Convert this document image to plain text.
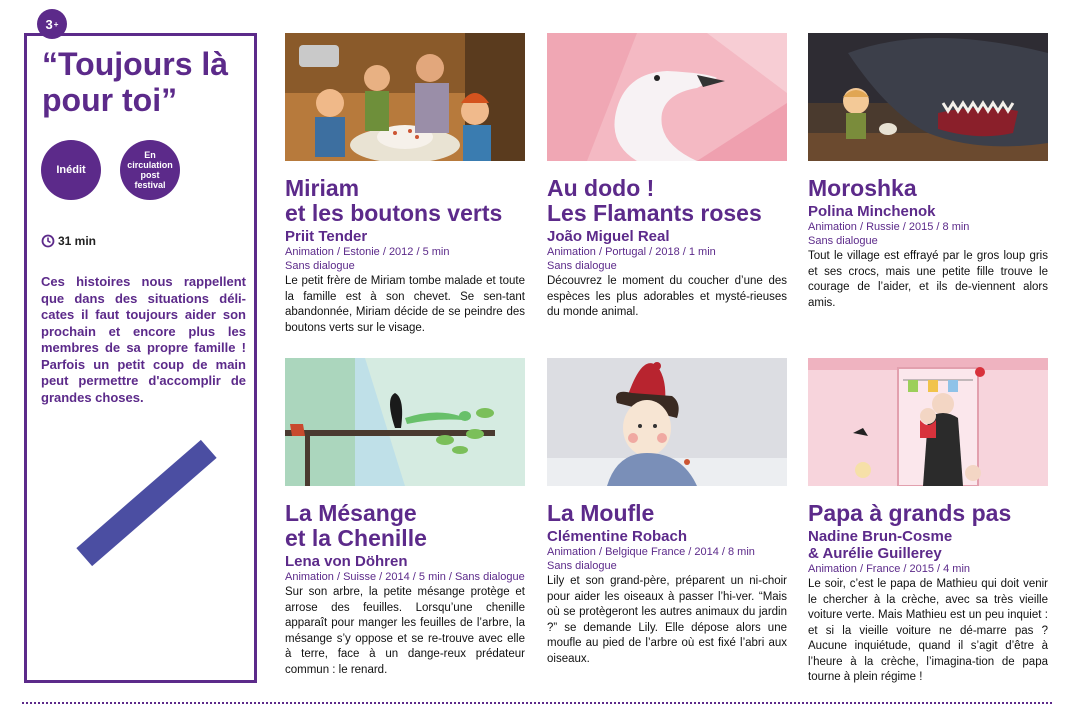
3 +
“Toujours là pour toi”
Inédit
En circulation post festival
31 min
Ces histoires nous rappellent que dans des situations déli-cates il faut toujours aider son prochain et encore plus les membres de sa propre famille ! Parfois un petit coup de main peut permettre d'accomplir de grandes choses.
Miriam
et les boutons verts
Priit Tender
Animation / Estonie / 2012 / 5 min
Sans dialogue
Le petit frère de Miriam tombe malade et toute la famille est à son chevet. Se sen-tant abandonnée, Miriam décide de se peindre des boutons verts sur le visage.
Au dodo !
Les Flamants roses
João Miguel Real
Animation / Portugal / 2018 / 1 min
Sans dialogue
Découvrez le moment du coucher d’une des espèces les plus adorables et mysté-rieuses du monde animal.
Moroshka
Polina Minchenok
Animation / Russie / 2015 / 8 min
Sans dialogue
Tout le village est effrayé par le gros loup gris et ses crocs, mais une petite fille trouve le courage de l’aider, et ils de-viennent alors amis.
La Mésange
et la Chenille
Lena von Döhren
Animation / Suisse / 2014 / 5 min / Sans dialogue
Sur son arbre, la petite mésange protège et arrose des feuilles. Lorsqu’une chenille apparaît pour manger les feuilles de l’arbre, la mésange s’y oppose et se re-trouve avec elle à terre, face à un dange-reux prédateur commun : le renard.
La Moufle
Clémentine Robach
Animation / Belgique France / 2014 / 8 min
Sans dialogue
Lily et son grand-père, préparent un ni-choir pour aider les oiseaux à passer l’hi-ver. “Mais où se protègeront les autres animaux du jardin ?” se demande Lily. Elle dépose alors une moufle au pied de l’arbre où est fixé l’abri aux oiseaux.
Papa à grands pas
Nadine Brun-Cosme
& Aurélie Guillerey
Animation / France / 2015 / 4 min
Le soir, c’est le papa de Mathieu qui doit venir le chercher à la crèche, avec sa très vieille voiture verte. Mais Mathieu est un peu inquiet : et si la vieille voiture ne dé-marre pas ? Aucune inquiétude, quand il s’agit d’être à l’heure à la crèche, l’imagina-tion de papa tourne à plein régime !
